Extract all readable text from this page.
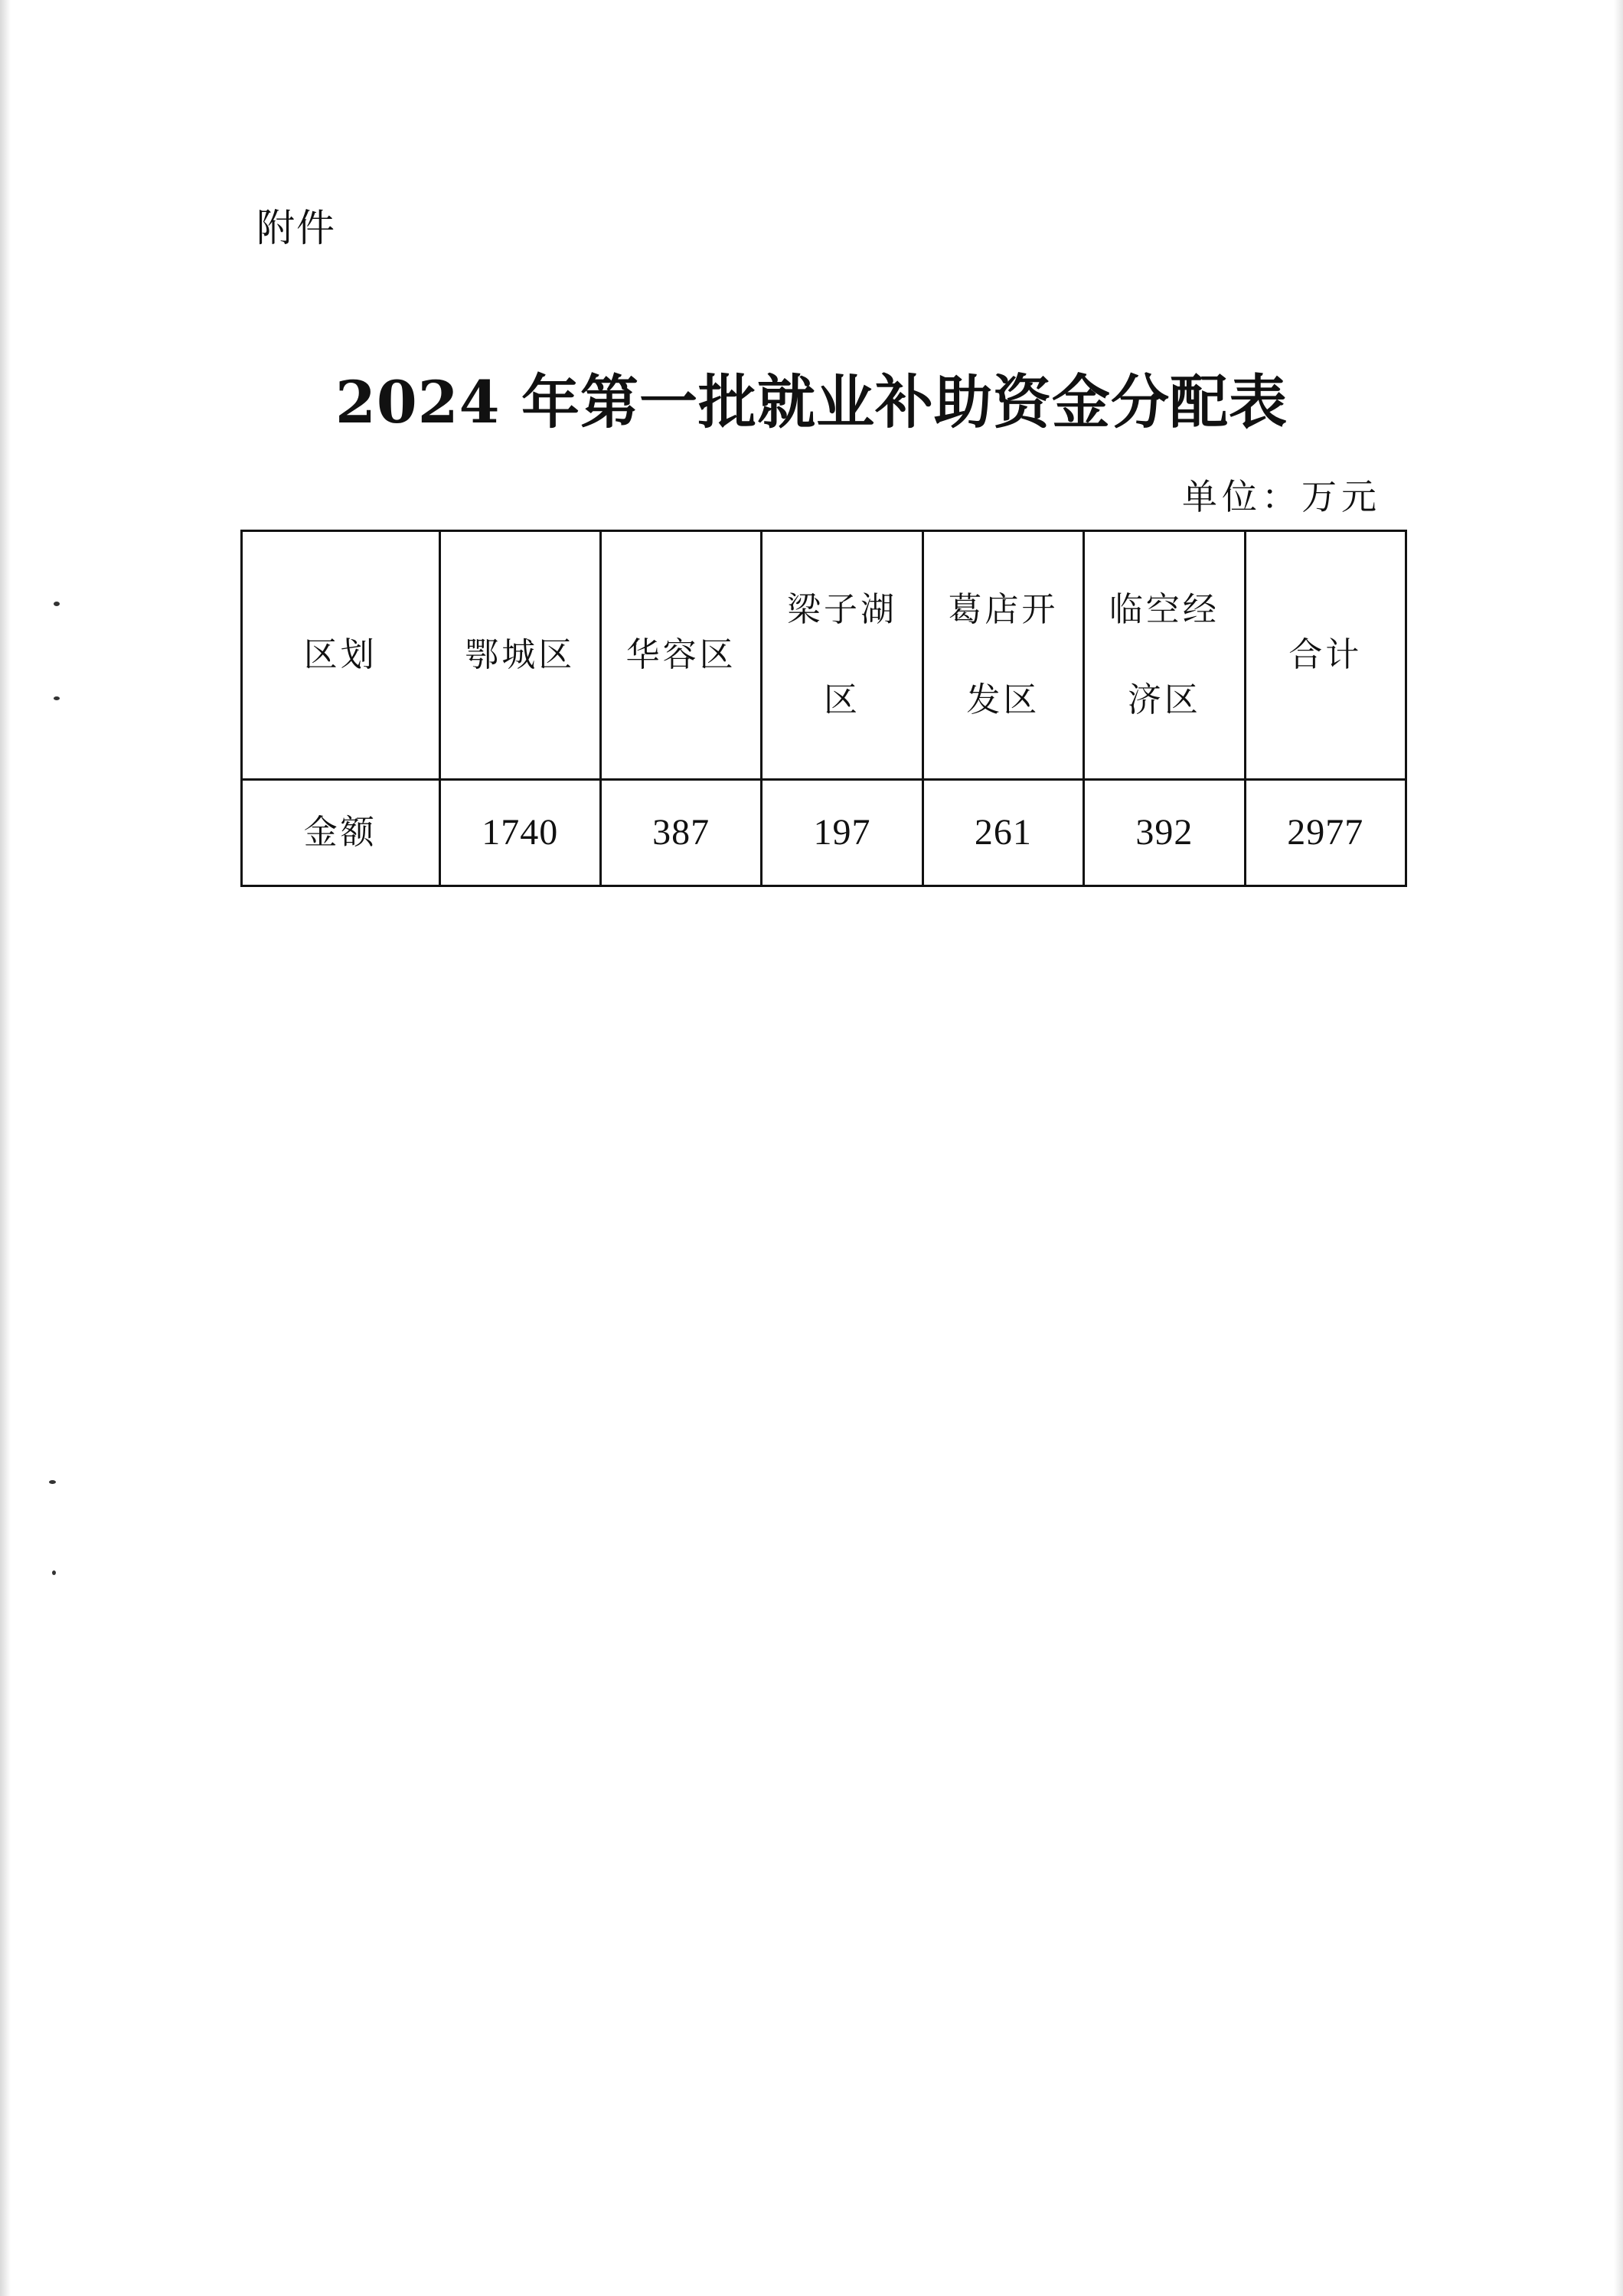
附件
2024 年第一批就业补助资金分配表
单位：万元
区划	鄂城区	华容区	梁子湖区	葛店开发区	临空经济区	合计
金额	1740	387	197	261	392	2977
